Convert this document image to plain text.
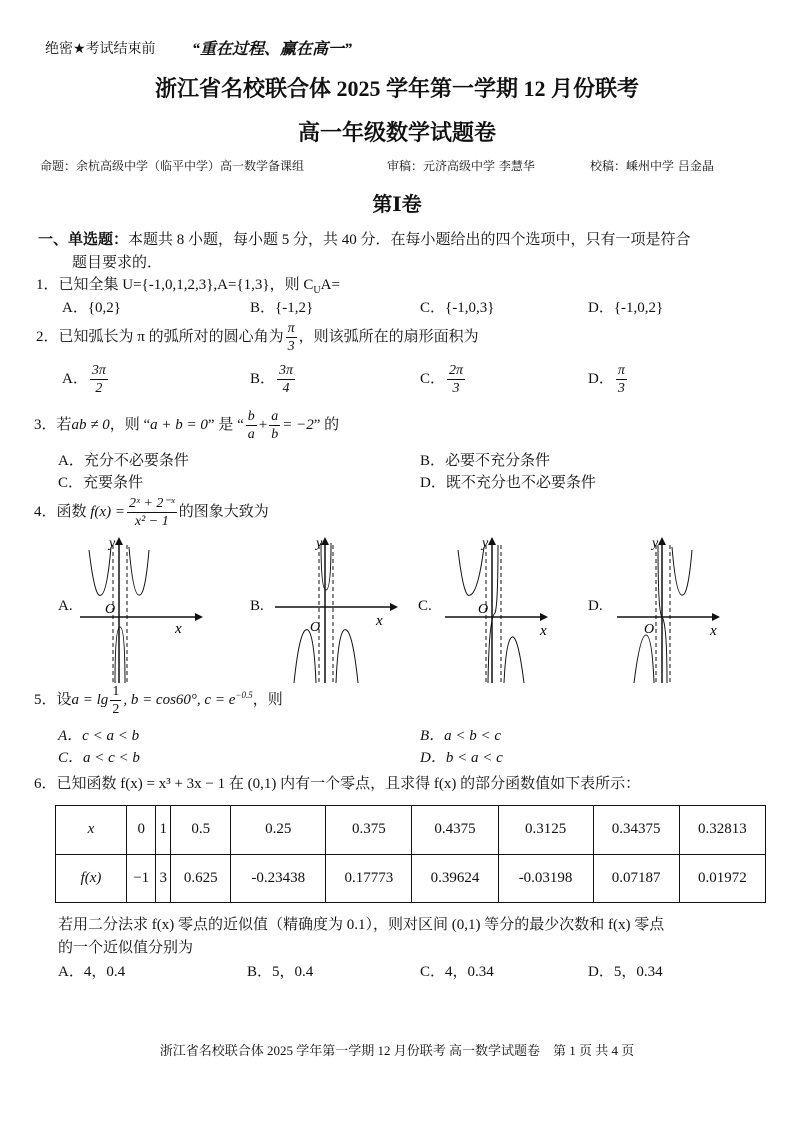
绝密★考试结束前 “重在过程、赢在高一”
浙江省名校联合体 2025 学年第一学期 12 月份联考
高一年级数学试题卷
命题：余杭高级中学（临平中学）高一数学备课组	审稿：元济高级中学 李慧华	校稿：嵊州中学 吕金晶
第Ⅰ卷
一、单选题：本题共 8 小题，每小题 5 分，共 40 分．在每小题给出的四个选项中，只有一项是符合
题目要求的．
1．已知全集 U={-1,0,1,2,3},A={1,3}，则 $C_UA=$
A．{0,2}	B．{-1,2}	C．{-1,0,3}	D．{-1,0,2}
2．已知弧长为 π 的弧所对的圆心角为 $\frac{\pi}{3}$ ，则该弧所在的扇形面积为
A． $\frac{3\pi}{2}$	B． $\frac{3\pi}{4}$	C． $\frac{2\pi}{3}$	D． $\frac{\pi}{3}$
3．若ab ≠ 0，则 “a + b = 0” 是 “ $\frac{b}{a} + \frac{a}{b} = -2$” 的
A．充分不必要条件	B．必要不充分条件
C．充要条件	D．既不充分也不必要条件
4．函数 $f(x) = \frac{\text{2ˣ + 2⁻ˣ}}{\text{x² − 1}}$ 的图象大致为
A. O
x
y
B.
O	x
y
C.	O
x
y
D.
O	x
y
5．设$a = \lg \frac{1}{2}$ , b = cos60°, $c = e^{-0.5}$，则
A．c < a < b	B．a < b < c
C．a < c < b	D．b < a < c
6．已知函数 f(x) = x³ + 3x − 1 在 (0,1) 内有一个零点，且求得 f(x) 的部分函数值如下表所示：
x	0	1	0.5	0.25	0.375	0.4375	0.3125	0.34375	0.32813
f(x)	−1	3	0.625	-0.23438	0.17773	0.39624	-0.03198	0.07187	0.01972
若用二分法求 f(x) 零点的近似值（精确度为 0.1），则对区间 (0,1) 等分的最少次数和 f(x) 零点
的一个近似值分别为
A．4，0.4	B．5，0.4	C．4，0.34	D．5，0.34
浙江省名校联合体 2025 学年第一学期 12 月份联考 高一数学试题卷　第 1 页 共 4 页
